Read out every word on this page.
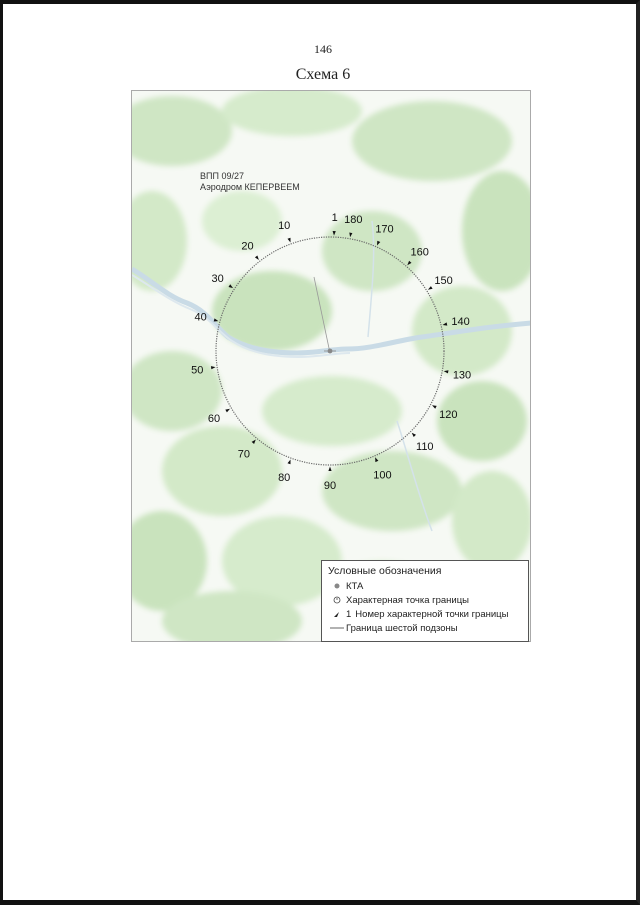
146
Схема 6
1 180
170
160
150
140
130
120
110
100
90
80
70
60
50
40
30
20
10
ВПП 09/27
Аэродром КЕПЕРВЕЕМ
Условные обозначения
КТА
Характерная точка границы
1 Номер характерной точки границы
Граница шестой подзоны
